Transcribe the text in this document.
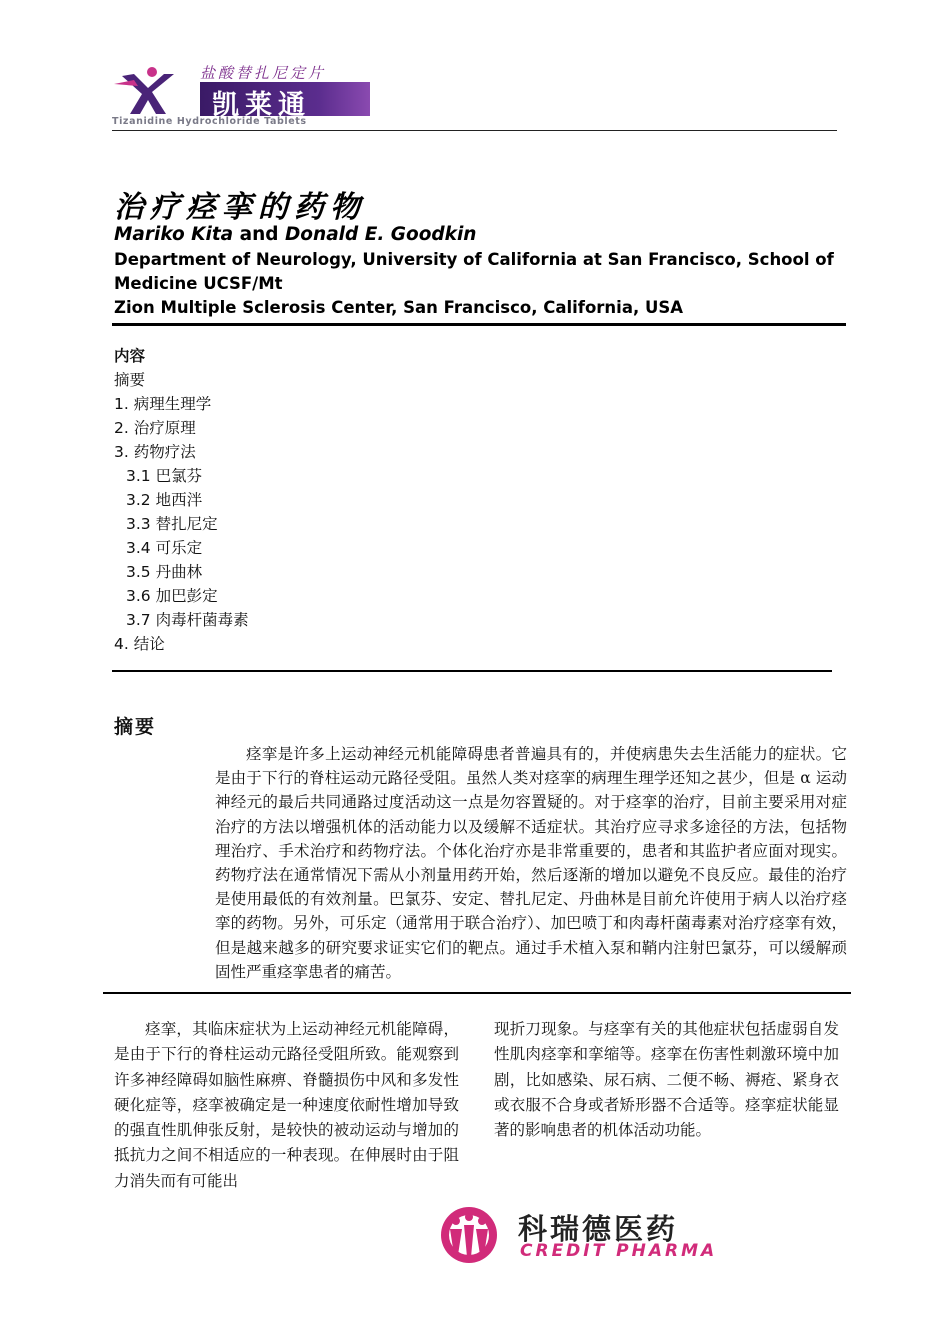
盐酸替扎尼定片
凯莱通
Tizanidine Hydrochloride Tablets
治疗痉挛的药物
Mariko Kita and Donald E. Goodkin
Department of Neurology, University of California at San Francisco, School of Medicine UCSF/Mt
Zion Multiple Sclerosis Center, San Francisco, California, USA
内容
摘要
1. 病理生理学
2. 治疗原理
3. 药物疗法
3.1 巴氯芬
3.2 地西泮
3.3 替扎尼定
3.4 可乐定
3.5 丹曲林
3.6 加巴彭定
3.7 肉毒杆菌毒素
4. 结论
摘要
痉挛是许多上运动神经元机能障碍患者普遍具有的，并使病患失去生活能力的症状。它是由于下行的脊柱运动元路径受阻。虽然人类对痉挛的病理生理学还知之甚少，但是 α 运动神经元的最后共同通路过度活动这一点是勿容置疑的。对于痉挛的治疗，目前主要采用对症治疗的方法以增强机体的活动能力以及缓解不适症状。其治疗应寻求多途径的方法，包括物理治疗、手术治疗和药物疗法。个体化治疗亦是非常重要的，患者和其监护者应面对现实。药物疗法在通常情况下需从小剂量用药开始，然后逐渐的增加以避免不良反应。最佳的治疗是使用最低的有效剂量。巴氯芬、安定、替扎尼定、丹曲林是目前允许使用于病人以治疗痉挛的药物。另外，可乐定（通常用于联合治疗）、加巴喷丁和肉毒杆菌毒素对治疗痉挛有效，但是越来越多的研究要求证实它们的靶点。通过手术植入泵和鞘内注射巴氯芬，可以缓解顽固性严重痉挛患者的痛苦。
痉挛，其临床症状为上运动神经元机能障碍，是由于下行的脊柱运动元路径受阻所致。能观察到许多神经障碍如脑性麻痹、脊髓损伤中风和多发性硬化症等，痉挛被确定是一种速度依耐性增加导致的强直性肌伸张反射，是较快的被动运动与增加的抵抗力之间不相适应的一种表现。在伸展时由于阻力消失而有可能出
现折刀现象。与痉挛有关的其他症状包括虚弱自发性肌肉痉挛和挛缩等。痉挛在伤害性刺激环境中加剧，比如感染、尿石病、二便不畅、褥疮、紧身衣或衣服不合身或者矫形器不合适等。痉挛症状能显著的影响患者的机体活动功能。
科瑞德医药
CREDIT PHARMA
